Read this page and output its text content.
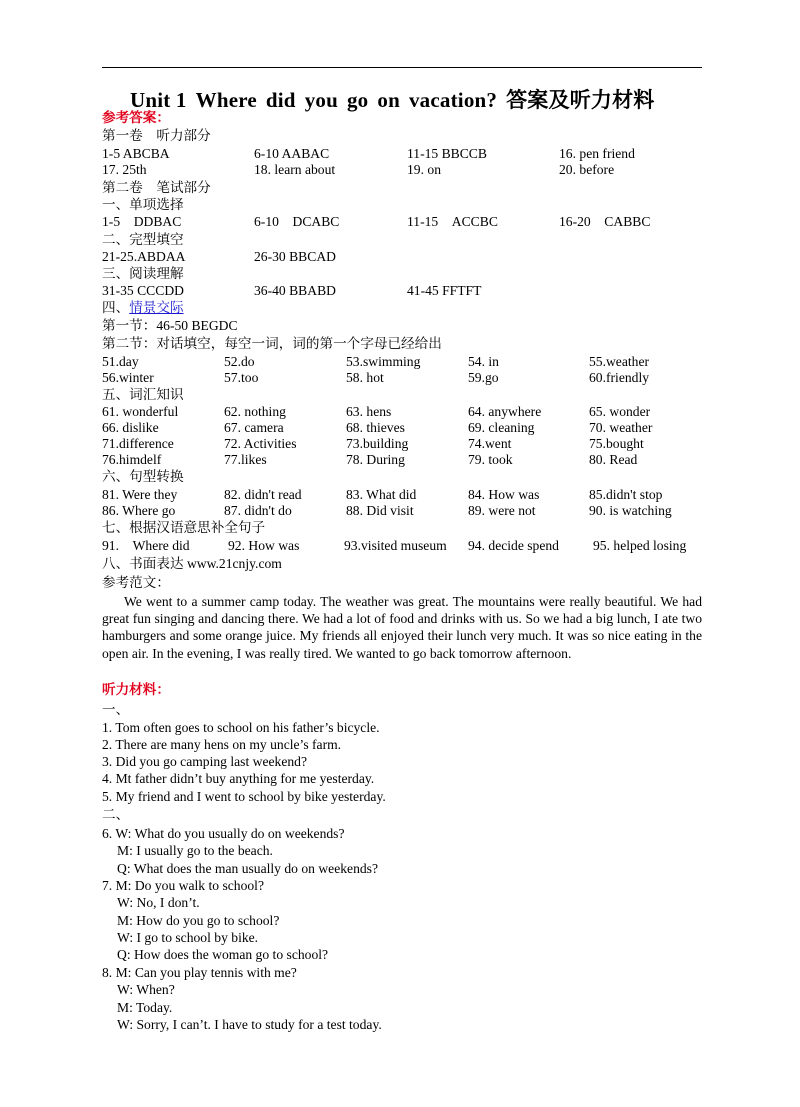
Unit 1 Where did you go on vacation? 答案及听力材料
参考答案：
第一卷　听力部分
1-5 ABCBA	6-10 AABAC	11-15 BBCCB	16. pen friend
17. 25th	18. learn about	19. on	20. before
第二卷　笔试部分
一、单项选择
1-5　DDBAC	6-10　DCABC	11-15　ACCBC	16-20　CABBC
二、完型填空
21-25.ABDAA	26-30 BBCAD
三、阅读理解
31-35 CCCDD	36-40 BBABD	41-45 FFTFT
四、情景交际
第一节：46-50 BEGDC
第二节：对话填空，每空一词，词的第一个字母已经给出
51.day	52.do	53.swimming	54. in	55.weather
56.winter	57.too	58. hot	59.go	60.friendly
五、词汇知识
61. wonderful	62. nothing	63. hens	64. anywhere	65. wonder
66. dislike	67. camera	68. thieves	69. cleaning	70. weather
71.difference	72. Activities	73.building	74.went	75.bought
76.himdelf	77.likes	78. During	79. took	80. Read
六、句型转换
81. Were they	82. didn't read	83. What did	84. How was	85.didn't stop
86. Where go	87. didn't do	88. Did visit	89. were not	90. is watching
七、根据汉语意思补全句子
91.　Where did	92. How was	93.visited museum 94. decide spend	95. helped losing
八、书面表达 www.21cnjy.com
参考范文：

We went to a summer camp today. The weather was great. The mountains were really beautiful. We had great fun singing and dancing there. We had a lot of food and drinks with us. So we had a big lunch, I ate two hamburgers and some orange juice. My friends all enjoyed their lunch very much. It was so nice eating in the open air. In the evening, I was really tired. We wanted to go back tomorrow afternoon.

听力材料：
一、
1. Tom often goes to school on his father’s bicycle.
2. There are many hens on my uncle’s farm.
3. Did you go camping last weekend?
4. Mt father didn’t buy anything for me yesterday.
5. My friend and I went to school by bike yesterday.
二、
6. W: What do you usually do on weekends?
M: I usually go to the beach.
Q: What does the man usually do on weekends?
7. M: Do you walk to school?
W: No, I don’t.
M: How do you go to school?
W: I go to school by bike.
Q: How does the woman go to school?
8. M: Can you play tennis with me?
W: When?
M: Today.
W: Sorry, I can’t. I have to study for a test today.
